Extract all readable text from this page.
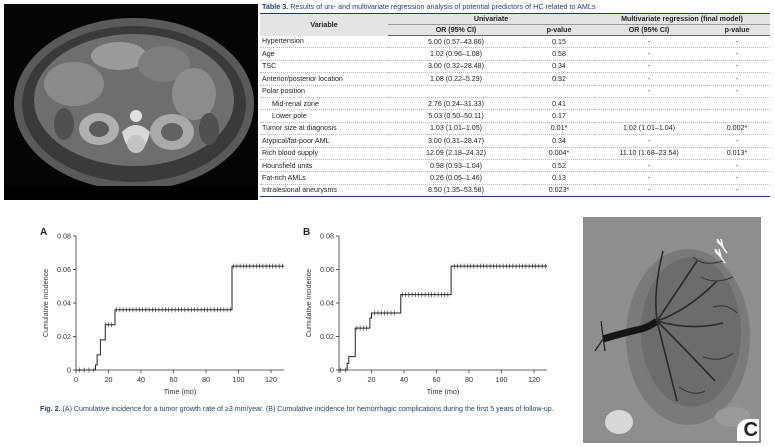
Table 3. Results of uni- and multivariate regression analysis of potential predictors of HC related to AMLs
Variable	Univariate		Multivariate regression (final model)	
	OR (95% CI)	p-value	OR (95% CI)	p-value
Hypertension	5.00 (0.57–43.86)	0.15	-	-
Age	1.02 (0.96–1.08)	0.58	-	-
TSC	3.00 (0.32–28.48)	0.34	-	-
Anterior/posterior location	1.08 (0.22–5.29)	0.92	-	-
Polar position			-	-
Mid-renal zone	2.76 (0.24–31.33)	0.41		
Lower pole	5.03 (0.50–50.11)	0.17		
Tumor size at diagnosis	1.03 (1.01–1.05)	0.01*	1.02 (1.01–1.04)	0.002*
Atypical/fat-poor AML	3.00 (0.31–28.47)	0.34	-	-
Rich blood supply	12.09 (2.18–24.32)	0.004*	11.10 (1.68–23.54)	0.013*
Hounsfield units	0.98 (0.93–1.04)	0.52	-	-
Fat-rich AMLs	0.26 (0.05–1.46)	0.13	-	-
Intralesional aneurysms	8.50 (1.35–53.58)	0.023*	-	-
A
0
0.02
0.04
0.06
0.08
0	20	40	60	80	100	120
Time (mo)
Cumulative incidence
B
0
0.02
0.04
0.06
0.08
0	20	40	60	80	100	120
Time (mo)
Cumulative incidence
C
Fig. 2. (A) Cumulative incidence for a tumor growth rate of ≥3 mm/year. (B) Cumulative incidence for hemorrhagic complications during the first 5 years of follow-up.
